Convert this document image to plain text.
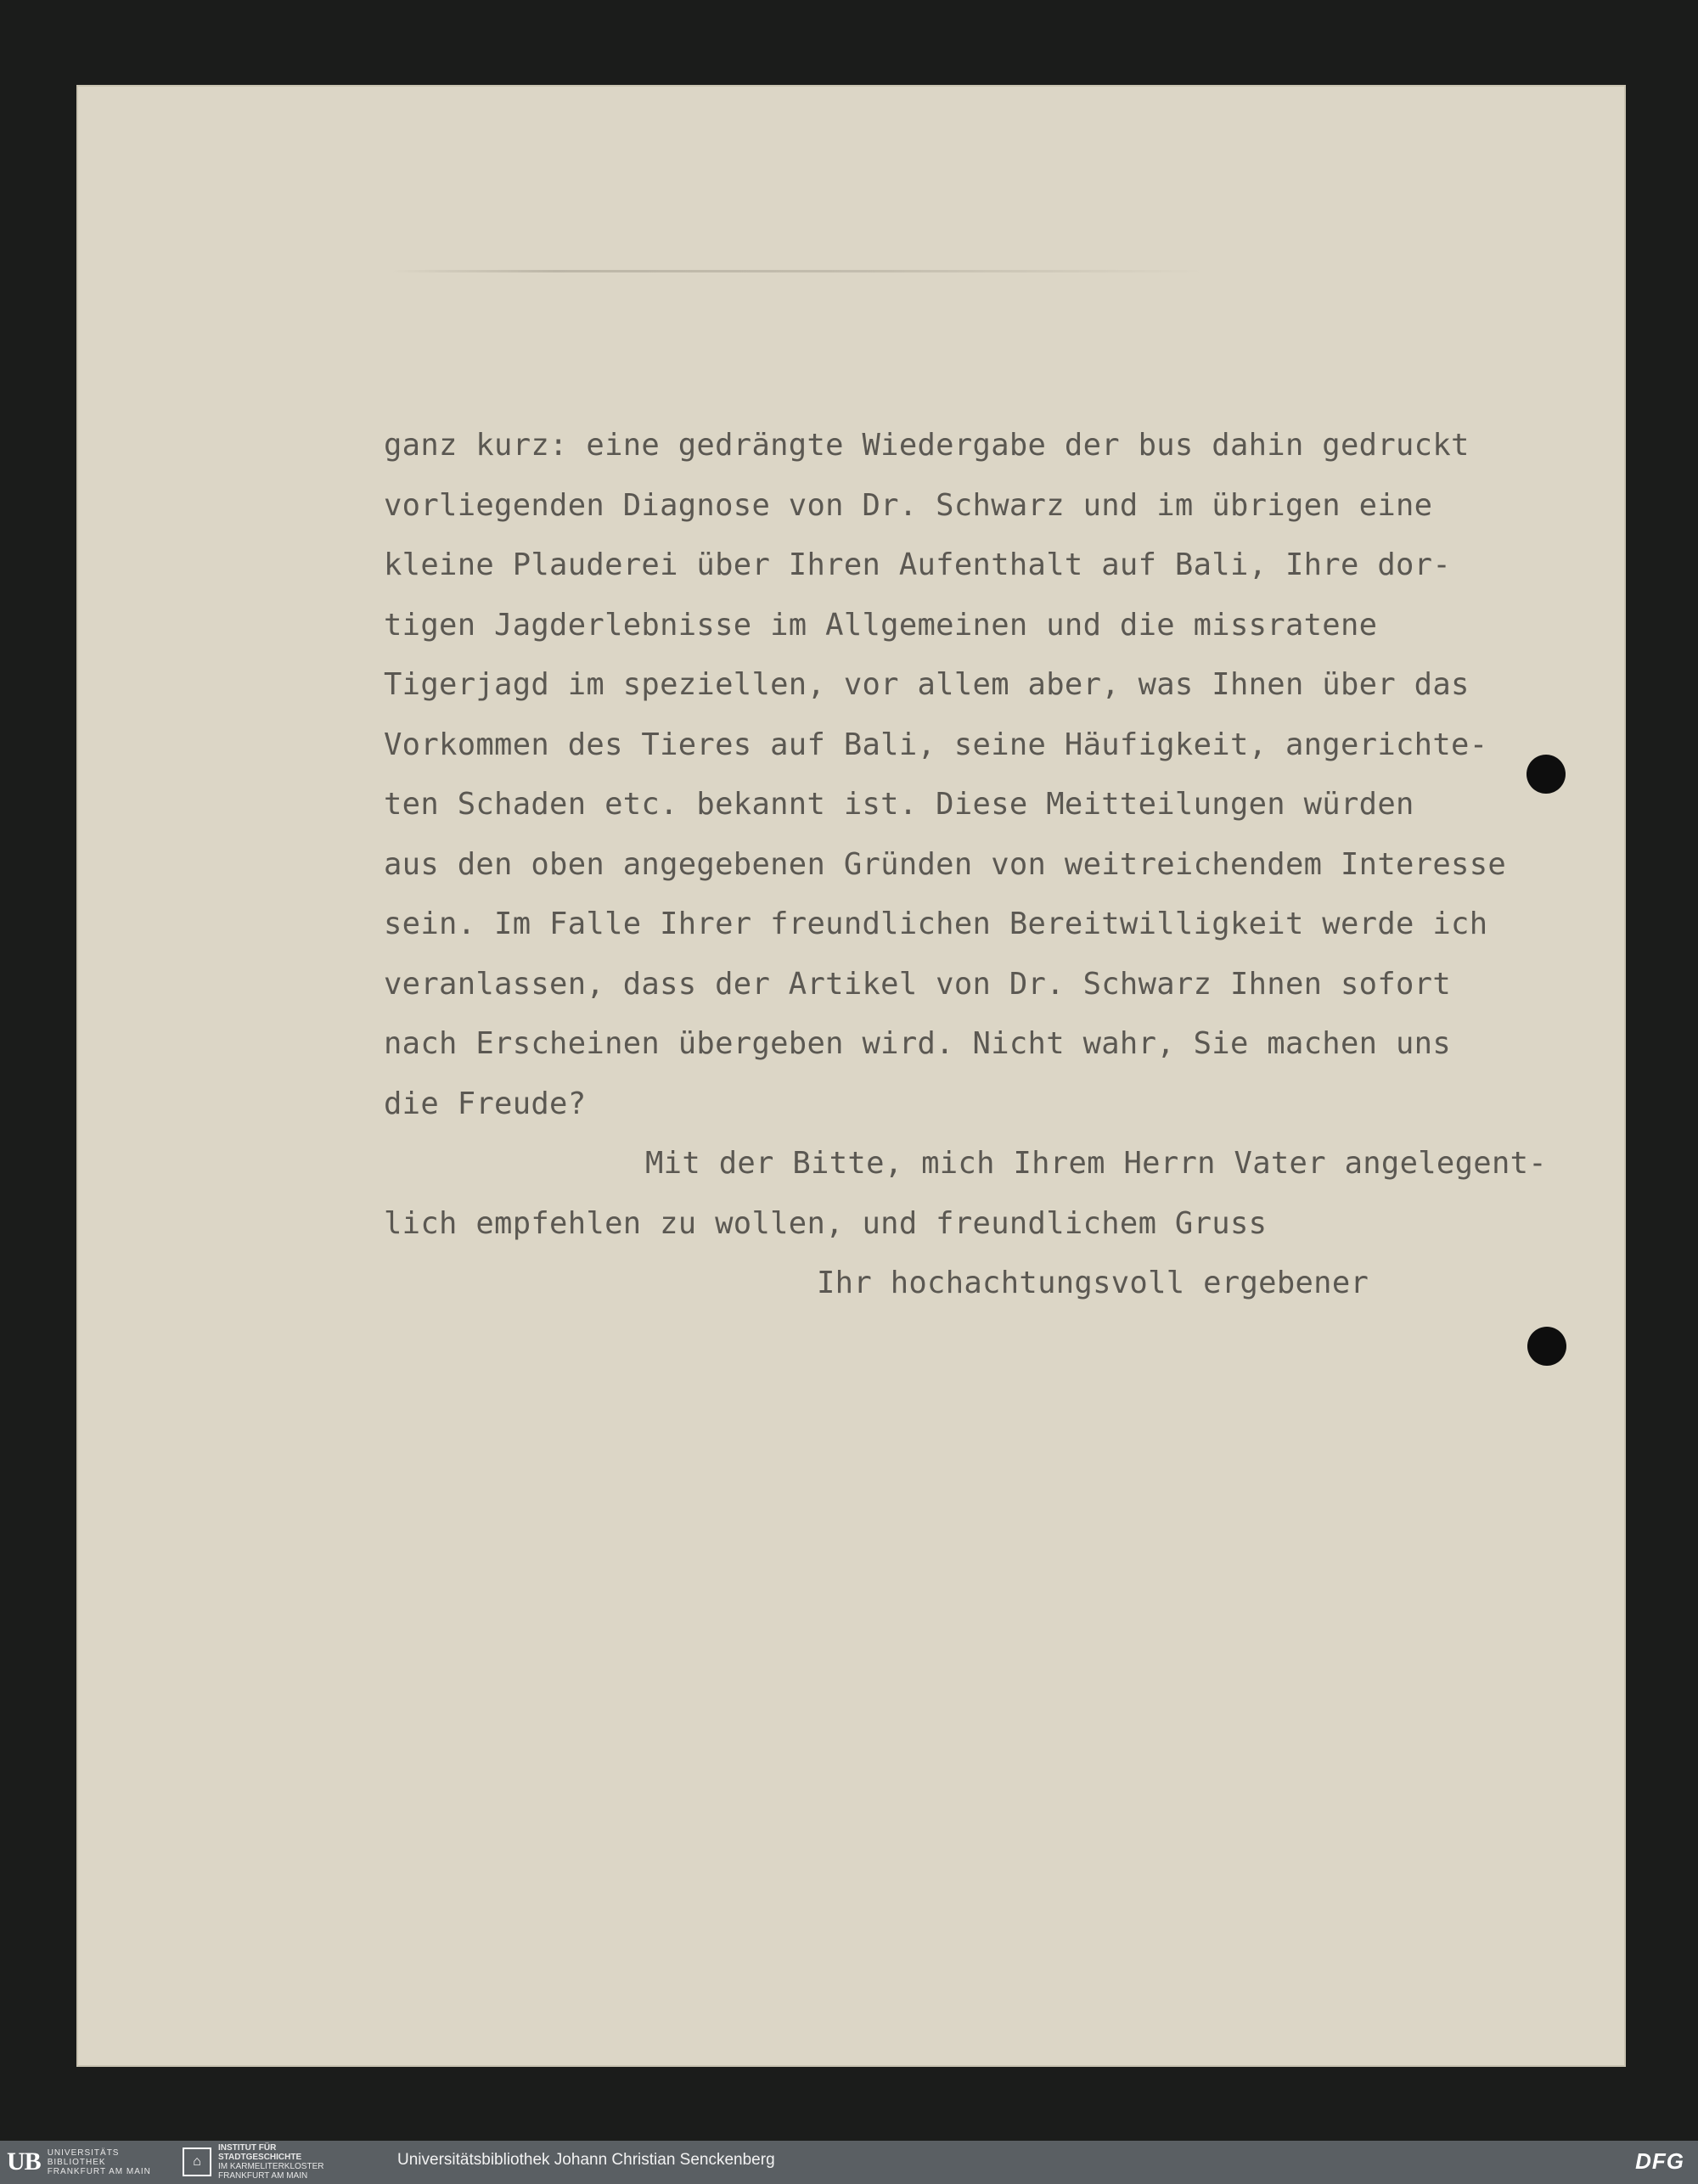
ganz kurz: eine gedrängte Wiedergabe der bus dahin gedruckt
vorliegenden Diagnose von Dr. Schwarz und im übrigen eine
kleine Plauderei über Ihren Aufenthalt auf Bali, Ihre dor-
tigen Jagderlebnisse im Allgemeinen und die missratene
Tigerjagd im speziellen, vor allem aber, was Ihnen über das
Vorkommen des Tieres auf Bali, seine Häufigkeit, angerichte-
ten Schaden etc. bekannt ist. Diese Meitteilungen würden
aus den oben angegebenen Gründen von weitreichendem Interesse
sein. Im Falle Ihrer freundlichen Bereitwilligkeit werde ich
veranlassen, dass der Artikel von Dr. Schwarz Ihnen sofort
nach Erscheinen übergeben wird. Nicht wahr, Sie machen uns
die Freude?
Mit der Bitte, mich Ihrem Herrn Vater angelegent-
lich empfehlen zu wollen, und freundlichem Gruss
Ihr hochachtungsvoll ergebener
UB UNIVERSITÄTS
BIBLIOTHEK
FRANKFURT AM MAIN
⌂
INSTITUT FÜR
STADTGESCHICHTE
IM KARMELITERKLOSTER
FRANKFURT AM MAIN
Universitätsbibliothek Johann Christian Senckenberg	DFG
